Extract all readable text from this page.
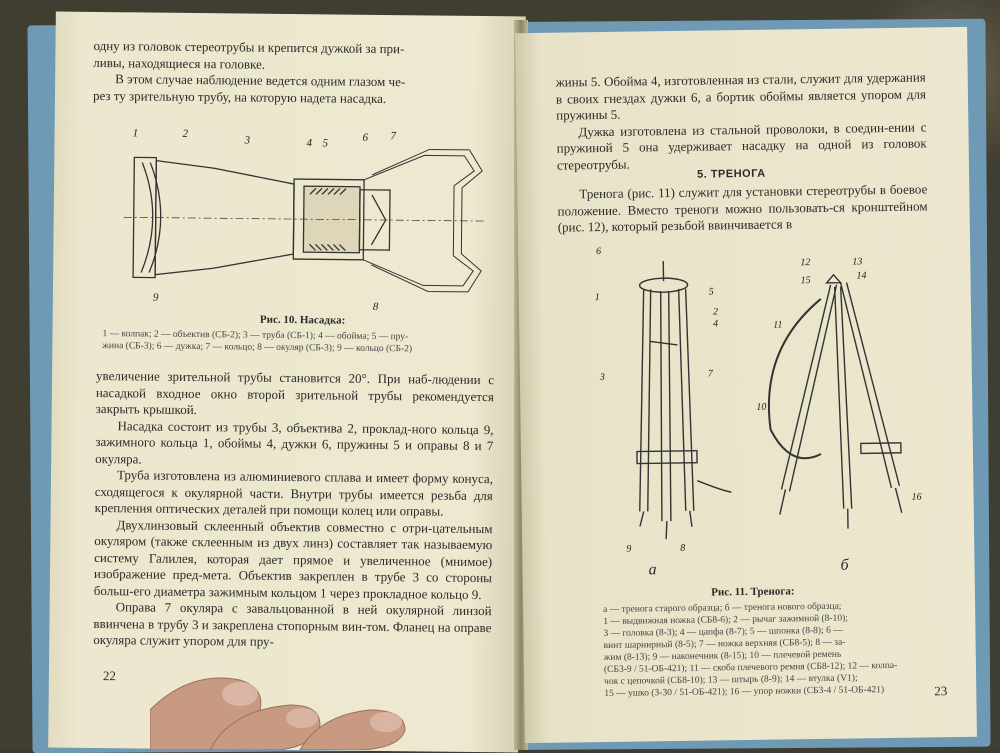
одну из головок стереотрубы и крепится дужкой за при-

ливы, находящиеся на головке.

В этом случае наблюдение ведется одним глазом че-

рез ту зрительную трубу, на которую надета насадка.

1	2
3	4 5	6 7
8
9
Рис. 10. Насадка:
1 — колпак; 2 — объектив (СБ-2); 3 — труба (СБ-1); 4 — обойма; 5 — пру-
жина (СБ-3); 6 — дужка; 7 — кольцо; 8 — окуляр (СБ-3); 9 — кольцо (СБ-2)

увеличение зрительной трубы становится 20°. При наб-людении с насадкой входное окно второй зрительной трубы рекомендуется закрыть крышкой.

Насадка состоит из трубы 3, объектива 2, проклад-ного кольца 9, зажимного кольца 1, обоймы 4, дужки 6, пружины 5 и оправы 8 и 7 окуляра.

Труба изготовлена из алюминиевого сплава и имеет форму конуса, сходящегося к окулярной части. Внутри трубы имеется резьба для крепления оптических деталей при помощи колец или оправы.

Двухлинзовый склеенный объектив совместно с отри-цательным окуляром (также склеенным из двух линз) составляет так называемую систему Галилея, которая дает прямое и увеличенное (мнимое) изображение пред-мета. Объектив закреплен в трубе 3 со стороны больш-его диаметра зажимным кольцом 1 через прокладное кольцо 9.

Оправа 7 окуляра с завальцованной в ней окулярной линзой ввинчена в трубу 3 и закреплена стопорным вин-том. Фланец на оправе окуляра служит упором для пру-

22

жины 5. Обойма 4, изготовленная из стали, служит для удержания в своих гнездах дужки 6, а бортик обоймы является упором для пружины 5.

Дужка изготовлена из стальной проволоки, в соедин-ении с пружиной 5 она удерживает насадку на одной из головок стереотрубы.

5. ТРЕНОГА

Тренога (рис. 11) служит для установки стереотрубы в боевое положение. Вместо треноги можно пользовать-ся кронштейном (рис. 12), который резьбой ввинчивается в

6
1
5
2
4
7
9
3
8
а
12	13
15	14
10
11
16
б
Рис. 11. Тренога:
а — тренога старого образца; б — тренога нового образца;
1 — выдвижная ножка (СБ8-6); 2 — рычаг зажимной (8-10);
3 — головка (8-3); 4 — цапфа (8-7); 5 — шпонка (8-8); 6 —
винт шарнирный (8-5); 7 — ножка верхняя (СБ8-5); 8 — за-
жим (8-13); 9 — наконечник (8-15); 10 — плечевой ремень
(СБ3-9 / 51-ОБ-421); 11 — скоба плечевого ремня (СБ8-12); 12 — колпа-
чок с цепочкой (СБ8-10); 13 — штырь (8-9); 14 — втулка (V1);
15 — ушко (3-30 / 51-ОБ-421); 16 — упор ножки (СБ3-4 / 51-ОБ-421)	23
